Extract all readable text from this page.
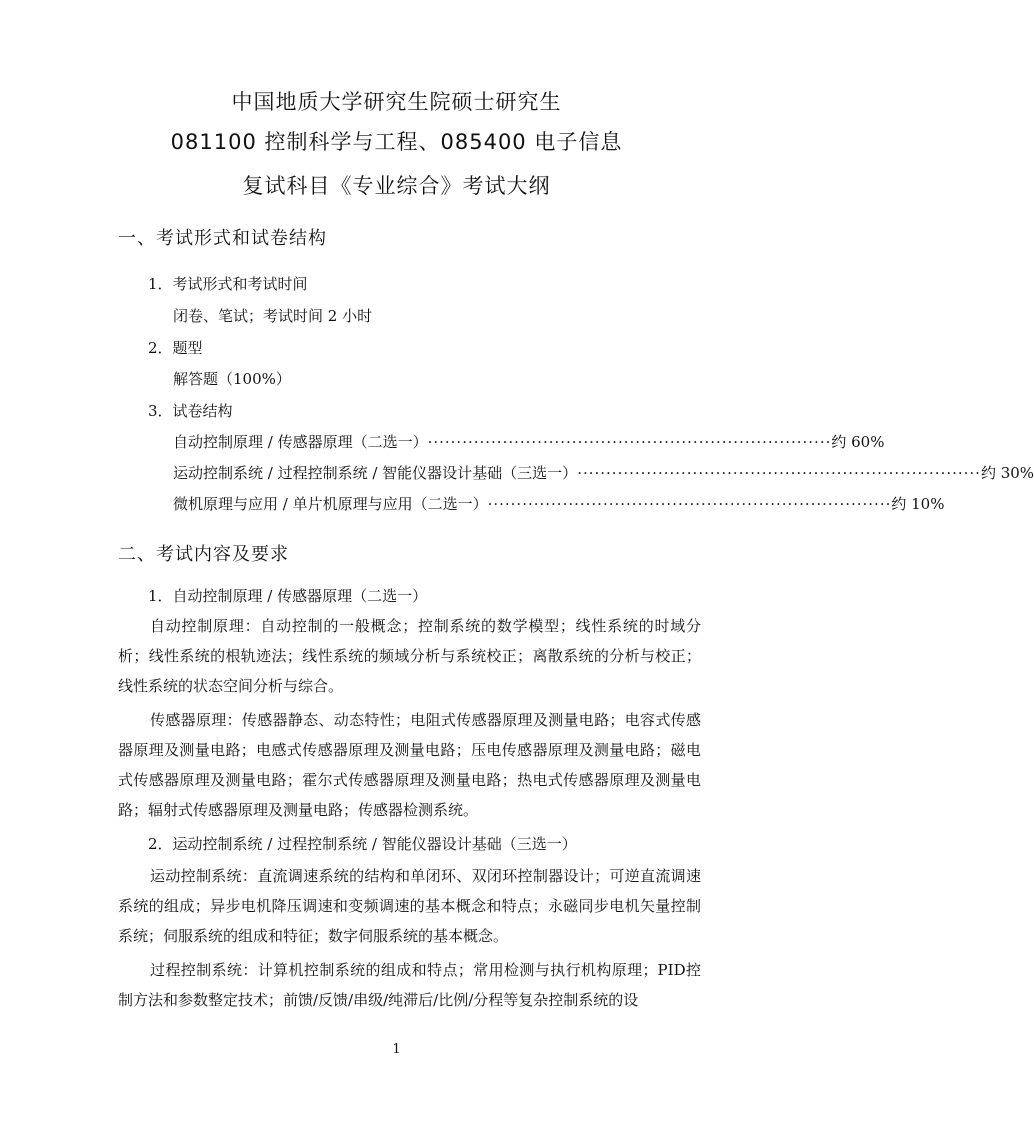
中国地质大学研究生院硕士研究生
081100 控制科学与工程、085400 电子信息
复试科目《专业综合》考试大纲
一、考试形式和试卷结构
1．考试形式和考试时间
闭卷、笔试；考试时间 2 小时
2．题型
解答题（100%）
3．试卷结构
自动控制原理 / 传感器原理（二选一） ······································································ 约 60%
运动控制系统 / 过程控制系统 / 智能仪器设计基础（三选一） ······································································ 约 30%
微机原理与应用 / 单片机原理与应用（二选一） ······································································ 约 10%
二、考试内容及要求
1．自动控制原理 / 传感器原理（二选一）
自动控制原理：自动控制的一般概念；控制系统的数学模型；线性系统的时域分析；线性系统的根轨迹法；线性系统的频域分析与系统校正；离散系统的分析与校正；线性系统的状态空间分析与综合。
传感器原理：传感器静态、动态特性；电阻式传感器原理及测量电路；电容式传感器原理及测量电路；电感式传感器原理及测量电路；压电传感器原理及测量电路；磁电式传感器原理及测量电路；霍尔式传感器原理及测量电路；热电式传感器原理及测量电路；辐射式传感器原理及测量电路；传感器检测系统。
2．运动控制系统 / 过程控制系统 / 智能仪器设计基础（三选一）
运动控制系统：直流调速系统的结构和单闭环、双闭环控制器设计；可逆直流调速系统的组成；异步电机降压调速和变频调速的基本概念和特点；永磁同步电机矢量控制系统；伺服系统的组成和特征；数字伺服系统的基本概念。
过程控制系统：计算机控制系统的组成和特点；常用检测与执行机构原理；PID控制方法和参数整定技术；前馈/反馈/串级/纯滞后/比例/分程等复杂控制系统的设
1
